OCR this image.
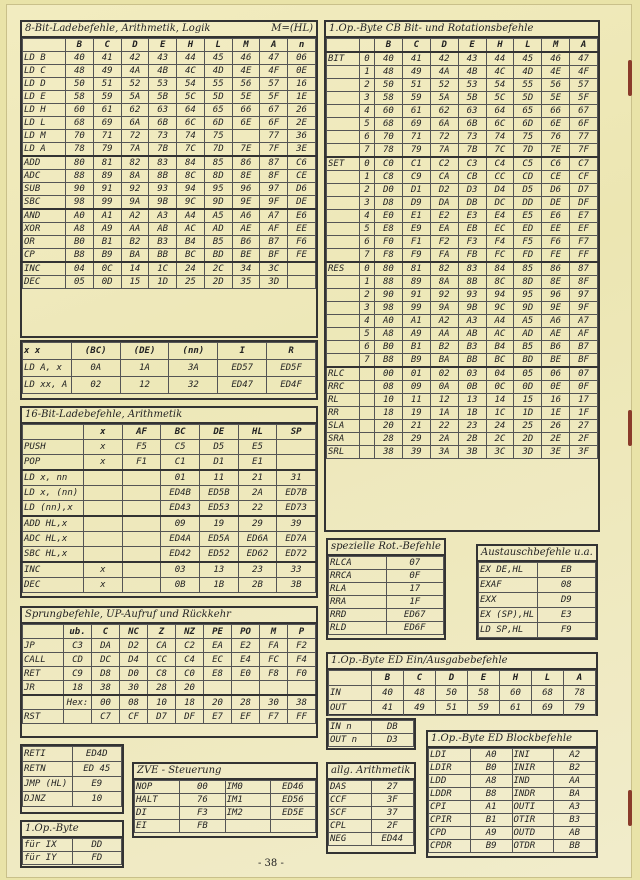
8-Bit-Ladebefehle, Arithmetik, Logik	M=(HL)
	B	C	D	E	H	L	M	A	n
LD B	40	41	42	43	44	45	46	47	06
LD C	48	49	4A	4B	4C	4D	4E	4F	0E
LD D	50	51	52	53	54	55	56	57	16
LD E	58	59	5A	5B	5C	5D	5E	5F	1E
LD H	60	61	62	63	64	65	66	67	26
LD L	68	69	6A	6B	6C	6D	6E	6F	2E
LD M	70	71	72	73	74	75		77	36
LD A	78	79	7A	7B	7C	7D	7E	7F	3E
ADD	80	81	82	83	84	85	86	87	C6
ADC	88	89	8A	8B	8C	8D	8E	8F	CE
SUB	90	91	92	93	94	95	96	97	D6
SBC	98	99	9A	9B	9C	9D	9E	9F	DE
AND	A0	A1	A2	A3	A4	A5	A6	A7	E6
XOR	A8	A9	AA	AB	AC	AD	AE	AF	EE
OR	B0	B1	B2	B3	B4	B5	B6	B7	F6
CP	B8	B9	BA	BB	BC	BD	BE	BF	FE
INC	04	0C	14	1C	24	2C	34	3C	
DEC	05	0D	15	1D	25	2D	35	3D	
x x	(BC)	(DE)	(nn)	I	R
LD A, x	0A	1A	3A	ED57	ED5F
LD xx, A	02	12	32	ED47	ED4F
16-Bit-Ladebefehle, Arithmetik
	x	AF	BC	DE	HL	SP
PUSH	x	F5	C5	D5	E5	
POP	x	F1	C1	D1	E1	
LD x, nn			01	11	21	31
LD x, (nn)			ED4B	ED5B	2A	ED7B
LD (nn),x			ED43	ED53	22	ED73
ADD HL,x			09	19	29	39
ADC HL,x			ED4A	ED5A	ED6A	ED7A
SBC HL,x			ED42	ED52	ED62	ED72
INC	x		03	13	23	33
DEC	x		0B	1B	2B	3B
Sprungbefehle, UP-Aufruf und Rückkehr
	ub.	C	NC	Z	NZ	PE	PO	M	P
JP	C3	DA	D2	CA	C2	EA	E2	FA	F2
CALL	CD	DC	D4	CC	C4	EC	E4	FC	F4
RET	C9	D8	D0	C8	C0	E8	E0	F8	F0
JR	18	38	30	28	20				
	Hex:	00	08	10	18	20	28	30	38
RST		C7	CF	D7	DF	E7	EF	F7	FF
RETI	ED4D
RETN	ED 45
JMP (HL)	E9
DJNZ	10
1.Op.-Byte
für IX	DD
für IY	FD
ZVE - Steuerung
NOP	00	IM0	ED46
HALT	76	IM1	ED56
DI	F3	IM2	ED5E
EI	FB		
1.Op.-Byte CB Bit- und Rotationsbefehle
		B	C	D	E	H	L	M	A
BIT	0	40	41	42	43	44	45	46	47
	1	48	49	4A	4B	4C	4D	4E	4F
	2	50	51	52	53	54	55	56	57
	3	58	59	5A	5B	5C	5D	5E	5F
	4	60	61	62	63	64	65	66	67
	5	68	69	6A	6B	6C	6D	6E	6F
	6	70	71	72	73	74	75	76	77
	7	78	79	7A	7B	7C	7D	7E	7F
SET	0	C0	C1	C2	C3	C4	C5	C6	C7
	1	C8	C9	CA	CB	CC	CD	CE	CF
	2	D0	D1	D2	D3	D4	D5	D6	D7
	3	D8	D9	DA	DB	DC	DD	DE	DF
	4	E0	E1	E2	E3	E4	E5	E6	E7
	5	E8	E9	EA	EB	EC	ED	EE	EF
	6	F0	F1	F2	F3	F4	F5	F6	F7
	7	F8	F9	FA	FB	FC	FD	FE	FF
RES	0	80	81	82	83	84	85	86	87
	1	88	89	8A	8B	8C	8D	8E	8F
	2	90	91	92	93	94	95	96	97
	3	98	99	9A	9B	9C	9D	9E	9F
	4	A0	A1	A2	A3	A4	A5	A6	A7
	5	A8	A9	AA	AB	AC	AD	AE	AF
	6	B0	B1	B2	B3	B4	B5	B6	B7
	7	B8	B9	BA	BB	BC	BD	BE	BF
RLC		00	01	02	03	04	05	06	07
RRC		08	09	0A	0B	0C	0D	0E	0F
RL		10	11	12	13	14	15	16	17
RR		18	19	1A	1B	1C	1D	1E	1F
SLA		20	21	22	23	24	25	26	27
SRA		28	29	2A	2B	2C	2D	2E	2F
SRL		38	39	3A	3B	3C	3D	3E	3F
spezielle Rot.-Befehle
RLCA	07
RRCA	0F
RLA	17
RRA	1F
RRD	ED67
RLD	ED6F
Austauschbefehle u.a.
EX DE,HL	EB
EXAF	08
EXX	D9
EX (SP),HL	E3
LD SP,HL	F9
1.Op.-Byte ED Ein/Ausgabebefehle
	B	C	D	E	H	L	A
IN	40	48	50	58	60	68	78
OUT	41	49	51	59	61	69	79
IN n	DB
OUT n	D3
allg. Arithmetik
DAS	27
CCF	3F
SCF	37
CPL	2F
NEG	ED44
1.Op.-Byte ED Blockbefehle
LDI	A0	INI	A2
LDIR	B0	INIR	B2
LDD	A8	IND	AA
LDDR	B8	INDR	BA
CPI	A1	OUTI	A3
CPIR	B1	OTIR	B3
CPD	A9	OUTD	AB
CPDR	B9	OTDR	BB
- 38 -
